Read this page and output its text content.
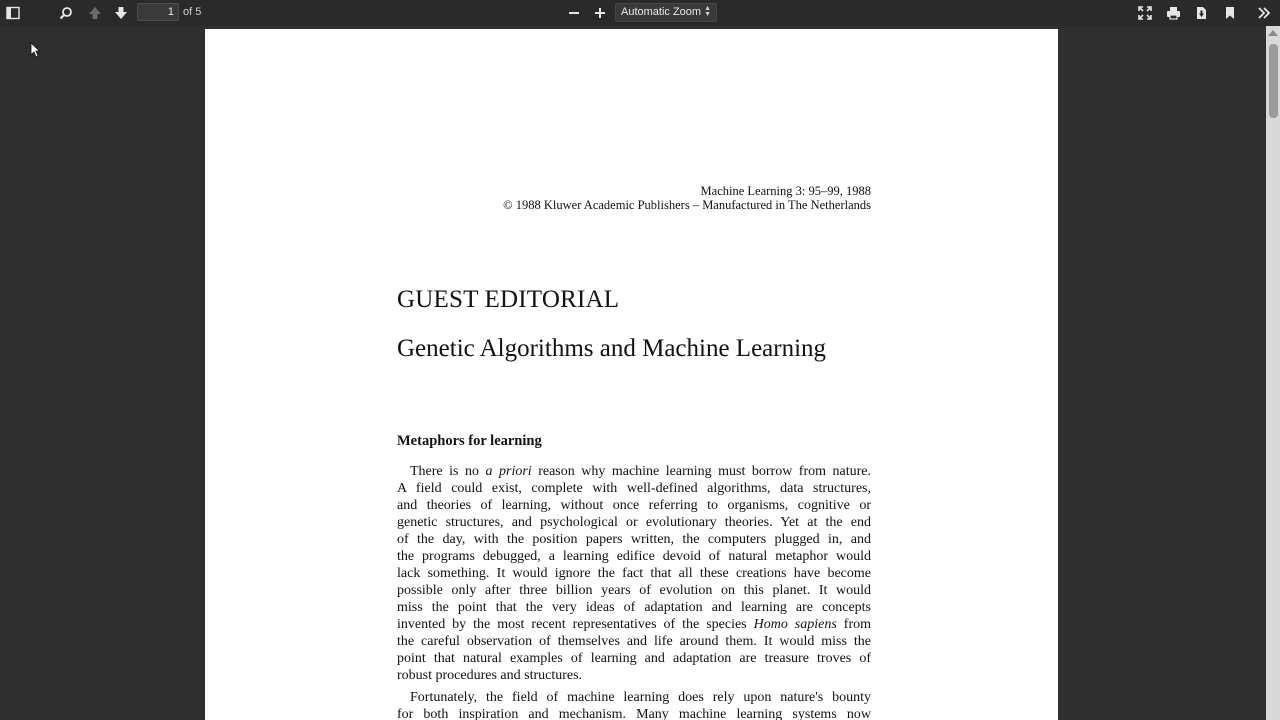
1
of 5	Automatic Zoom ▲
▼
Machine Learning 3: 95–99, 1988
© 1988 Kluwer Academic Publishers – Manufactured in The Netherlands
GUEST EDITORIAL
Genetic Algorithms and Machine Learning
Metaphors for learning
There is no a priori reason why machine learning must borrow from nature.
A field could exist, complete with well-defined algorithms, data structures,
and theories of learning, without once referring to organisms, cognitive or
genetic structures, and psychological or evolutionary theories. Yet at the end
of the day, with the position papers written, the computers plugged in, and
the programs debugged, a learning edifice devoid of natural metaphor would
lack something. It would ignore the fact that all these creations have become
possible only after three billion years of evolution on this planet. It would
miss the point that the very ideas of adaptation and learning are concepts
invented by the most recent representatives of the species Homo sapiens from
the careful observation of themselves and life around them. It would miss the
point that natural examples of learning and adaptation are treasure troves of
robust procedures and structures.
Fortunately, the field of machine learning does rely upon nature's bounty
for both inspiration and mechanism. Many machine learning systems now
